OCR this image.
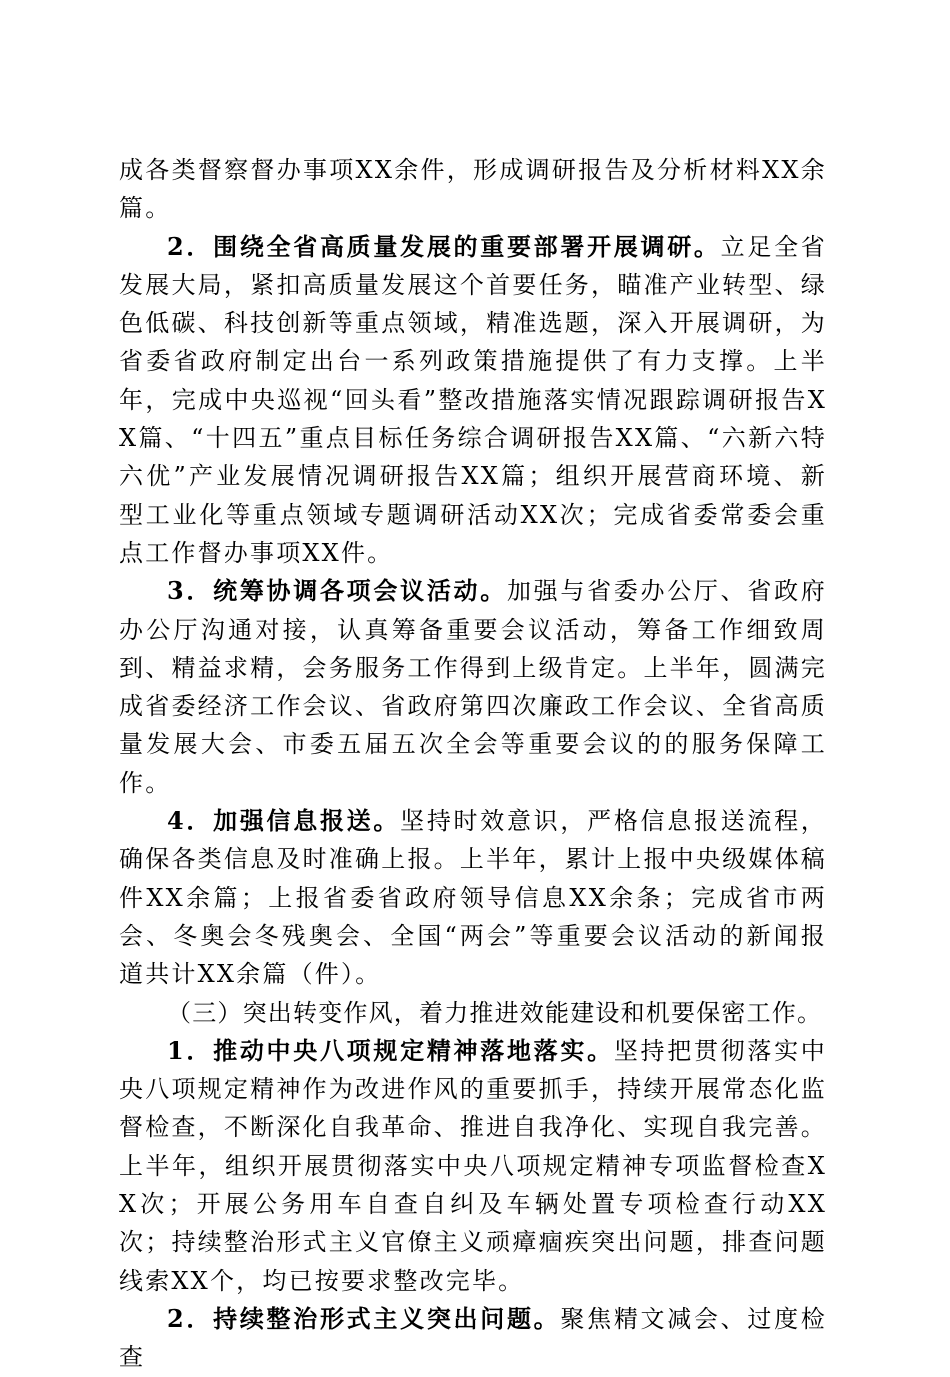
成各类督察督办事项XX余件，形成调研报告及分析材料XX余篇。

2．围绕全省高质量发展的重要部署开展调研。立足全省发展大局，紧扣高质量发展这个首要任务，瞄准产业转型、绿色低碳、科技创新等重点领域，精准选题，深入开展调研，为省委省政府制定出台一系列政策措施提供了有力支撑。上半年，完成中央巡视“回头看”整改措施落实情况跟踪调研报告XX篇、“十四五”重点目标任务综合调研报告XX篇、“六新六特六优”产业发展情况调研报告XX篇；组织开展营商环境、新型工业化等重点领域专题调研活动XX次；完成省委常委会重点工作督办事项XX件。

3．统筹协调各项会议活动。加强与省委办公厅、省政府办公厅沟通对接，认真筹备重要会议活动，筹备工作细致周到、精益求精，会务服务工作得到上级肯定。上半年，圆满完成省委经济工作会议、省政府第四次廉政工作会议、全省高质量发展大会、市委五届五次全会等重要会议的的服务保障工作。

4．加强信息报送。坚持时效意识，严格信息报送流程，确保各类信息及时准确上报。上半年，累计上报中央级媒体稿件XX余篇；上报省委省政府领导信息XX余条；完成省市两会、冬奥会冬残奥会、全国“两会”等重要会议活动的新闻报道共计XX余篇（件）。

（三）突出转变作风，着力推进效能建设和机要保密工作。

1．推动中央八项规定精神落地落实。坚持把贯彻落实中央八项规定精神作为改进作风的重要抓手，持续开展常态化监督检查，不断深化自我革命、推进自我净化、实现自我完善。上半年，组织开展贯彻落实中央八项规定精神专项监督检查XX次；开展公务用车自查自纠及车辆处置专项检查行动XX次；持续整治形式主义官僚主义顽瘴痼疾突出问题，排查问题线索XX个，均已按要求整改完毕。

2．持续整治形式主义突出问题。聚焦精文减会、过度检查
